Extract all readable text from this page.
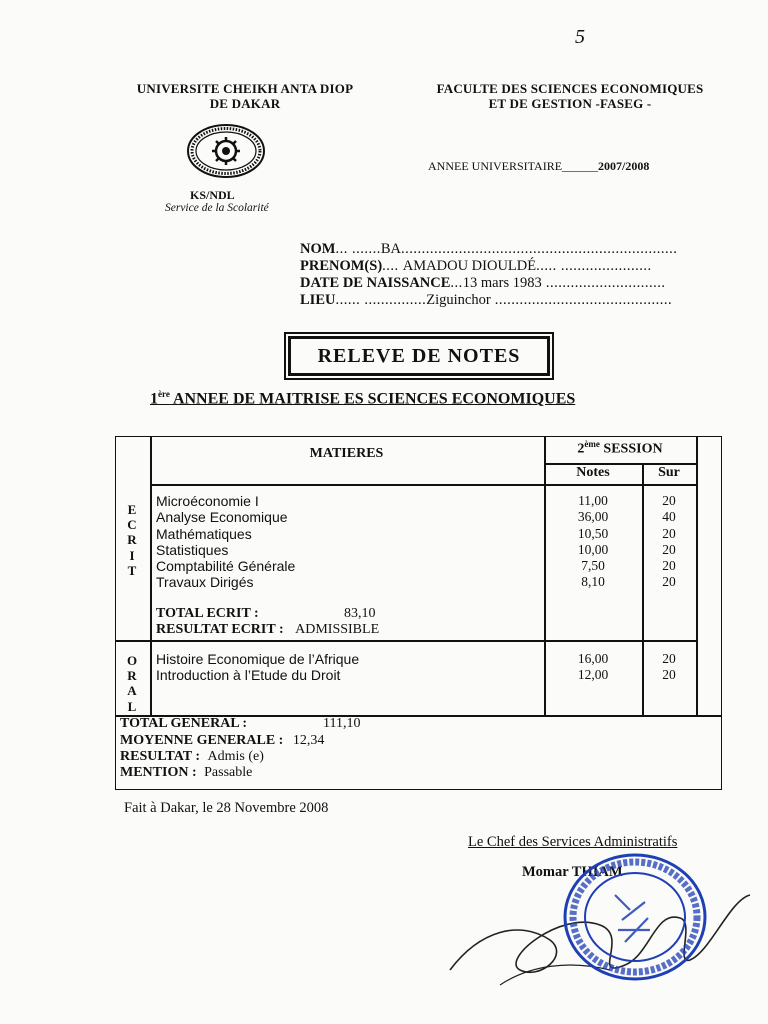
UNIVERSITE CHEIKH ANTA DIOP
DE DAKAR
FACULTE DES SCIENCES ECONOMIQUES
ET DE GESTION -FASEG -
5
KS/NDL
Service de la Scolarité
ANNEE UNIVERSITAIRE______2007/2008
NOM... .......BA...................................................................
PRENOM(S).... AMADOU DIOULDÉ..... ......................
DATE DE NAISSANCE...13 mars 1983 .............................
LIEU...... ...............Ziguinchor ...........................................
RELEVE DE NOTES
1ère ANNEE DE MAITRISE ES SCIENCES ECONOMIQUES
MATIERES	2ème SESSION
Notes	Sur
E
C
R
I
T
O
R
A
L
Microéconomie I	11,00	20
Analyse Economique	36,00	40
Mathématiques	10,50	20
Statistiques	10,00	20
Comptabilité Générale	7,50	20
Travaux Dirigés	8,10	20
TOTAL ECRIT :	83,10
RESULTAT ECRIT : ADMISSIBLE
Histoire Economique de l’Afrique	16,00	20
Introduction à l’Etude du Droit	12,00	20
TOTAL GENERAL :	111,10
MOYENNE GENERALE : 12,34
RESULTAT : Admis (e)
MENTION : Passable
Fait à Dakar, le 28 Novembre 2008
Le Chef des Services Administratifs
Momar THIAM
